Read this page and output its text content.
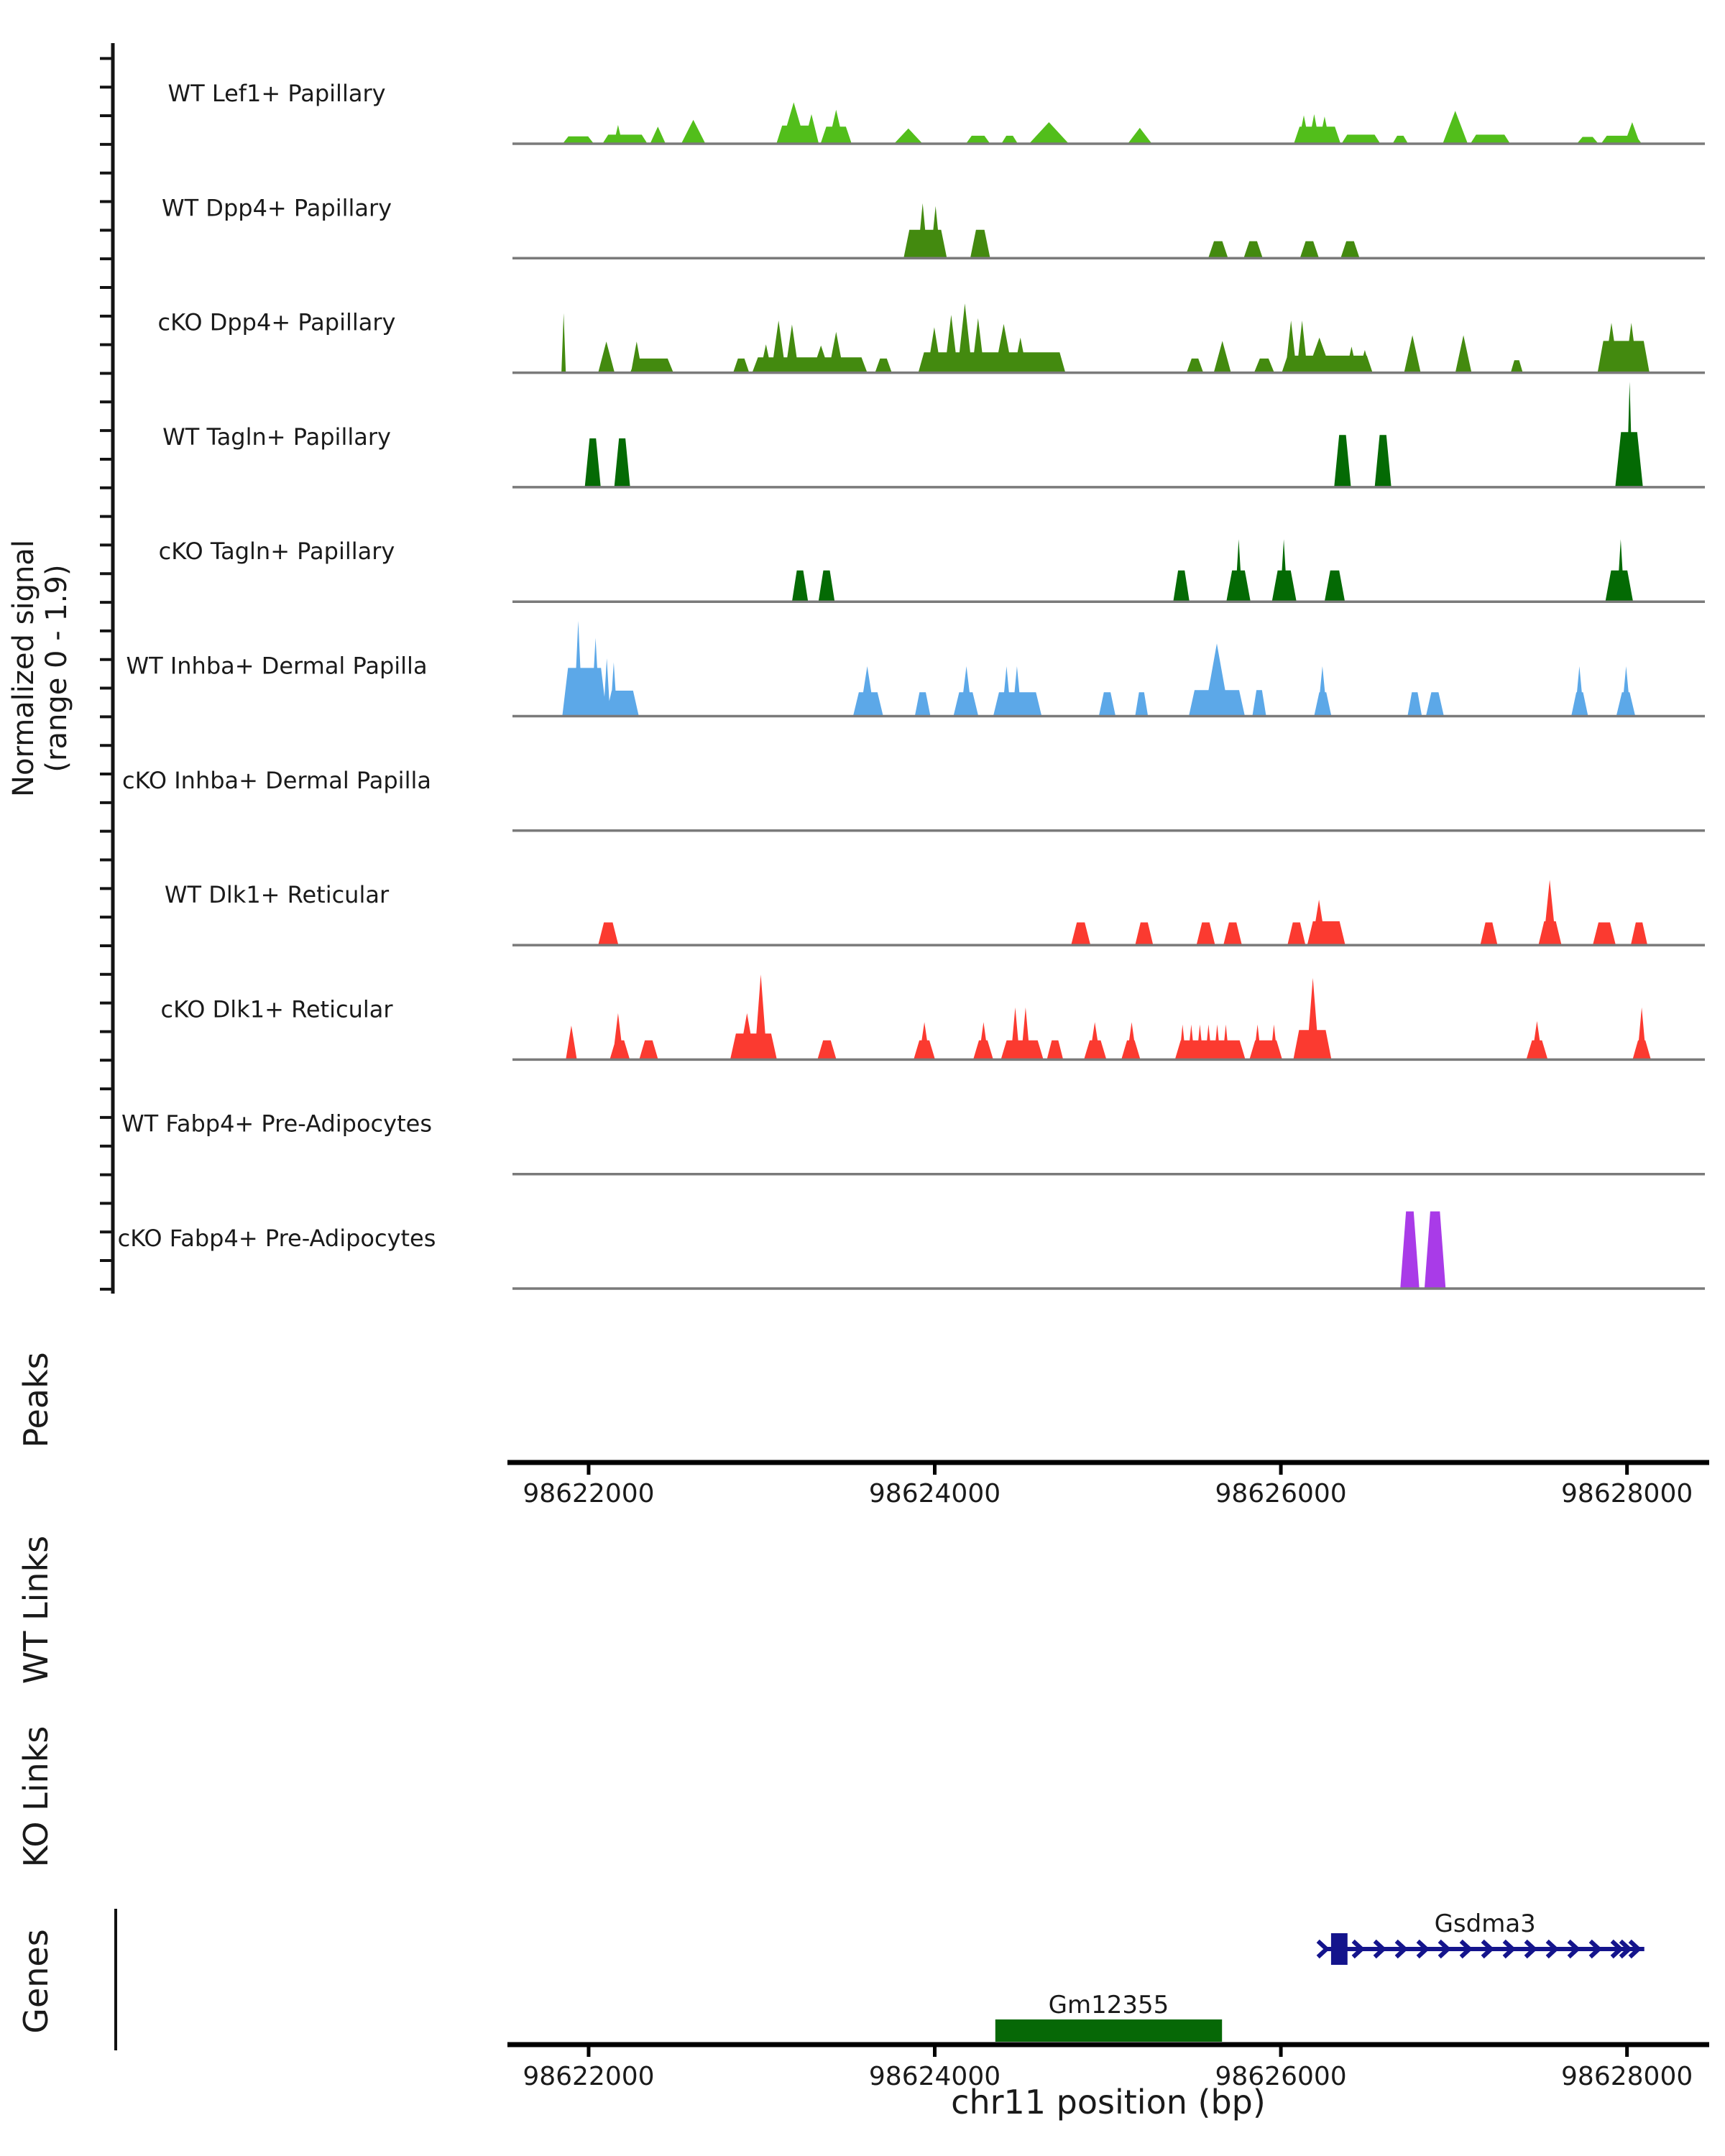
Normalized signal (range 0 - 1.9)
Peaks
WT Links
KO Links
Genes
chr11 position (bp)
WT Lef1+ Papillary
WT Dpp4+ Papillary
cKO Dpp4+ Papillary
WT Tagln+ Papillary
cKO Tagln+ Papillary
WT Inhba+ Dermal Papilla
cKO Inhba+ Dermal Papilla
WT Dlk1+ Reticular
cKO Dlk1+ Reticular
WT Fabp4+ Pre-Adipocytes
cKO Fabp4+ Pre-Adipocytes
98622000	98624000	98626000	98628000
98622000	98624000	98626000	98628000
Gsdma3
Gm12355
